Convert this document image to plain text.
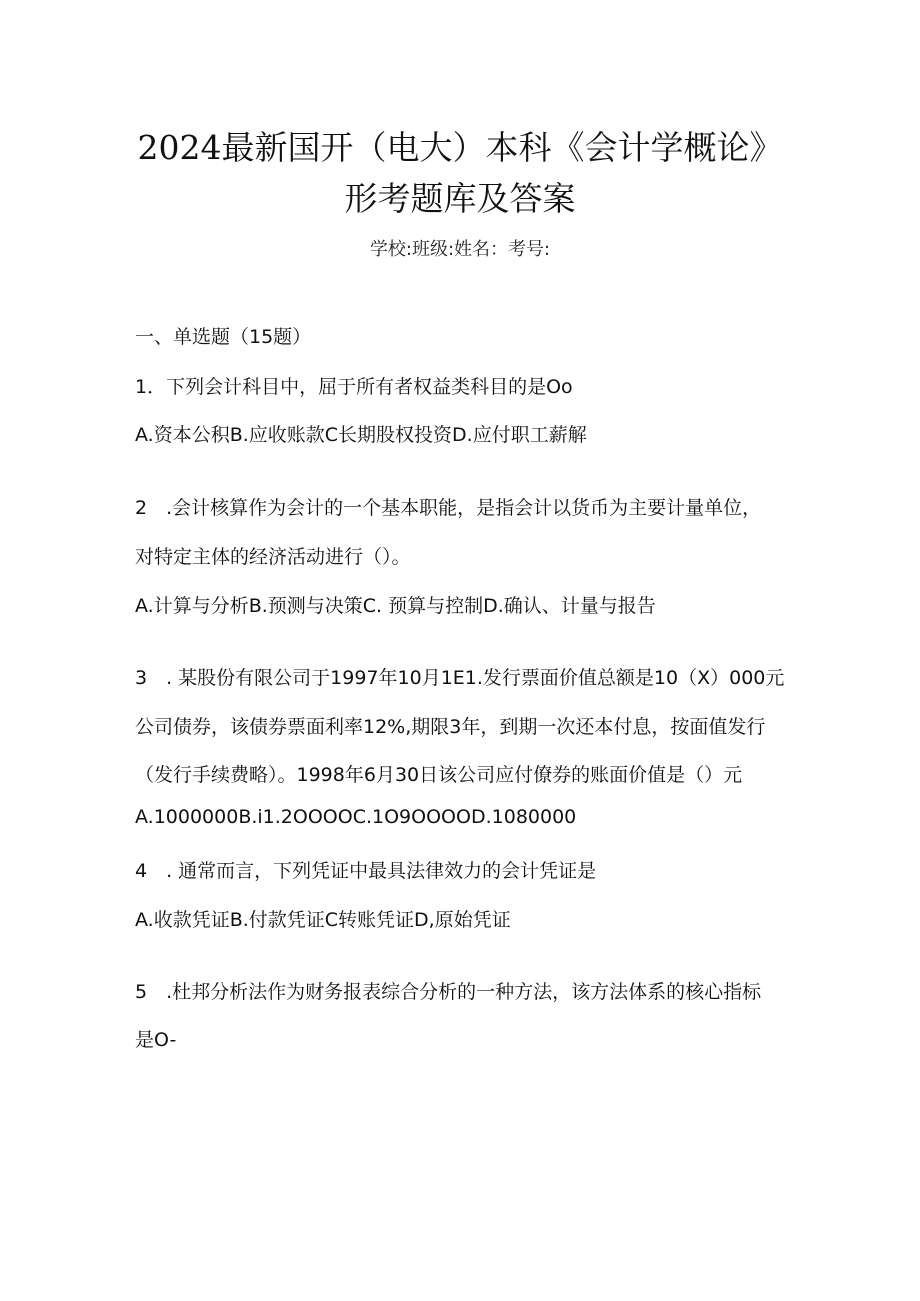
2024最新国开（电大）本科《会计学概论》
形考题库及答案
学校:班级:姓名：考号:
一、单选题（15题）
1．下列会计科目中，屈于所有者权益类科目的是Oo
A.资本公积B.应收账款C长期股权投资D.应付职工薪解
2　.会计核算作为会计的一个基本职能，是指会计以货币为主要计量单位，
对特定主体的经济活动进行（）。
A.计算与分析B.预测与决策C. 预算与控制D.确认、计量与报告
3　. 某股份有限公司于1997年10月1E1.发行票面价值总额是10（X）000元
公司债券，该债券票面利率12%,期限3年，到期一次还本付息，按面值发行
（发行手续费略）。1998年6月30日该公司应付僚券的账面价值是（）元
A.1000000B.i1.2OOOOC.1O9OOOOD.1080000
4　. 通常而言，下列凭证中最具法律效力的会计凭证是
A.收款凭证B.付款凭证C转账凭证D,原始凭证
5　.杜邦分析法作为财务报表综合分析的一种方法，该方法体系的核心指标
是O-
